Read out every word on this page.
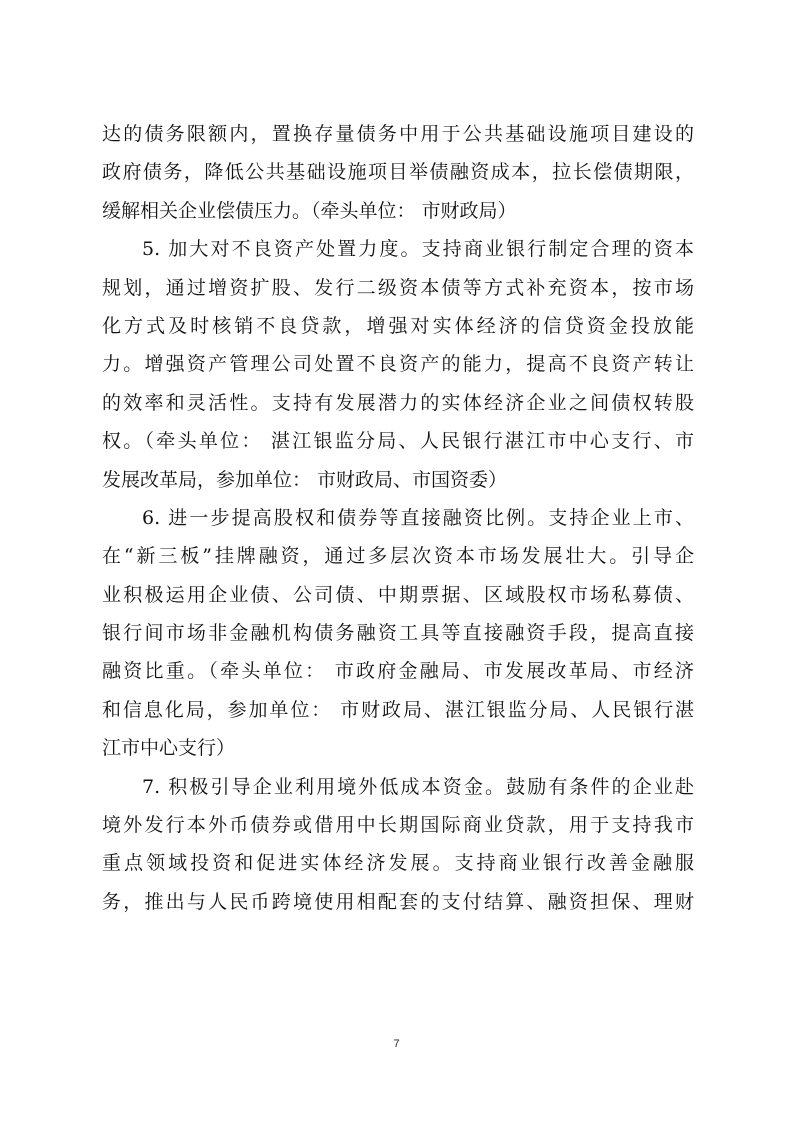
达的债务限额内，置换存量债务中用于公共基础设施项目建设的
政府债务，降低公共基础设施项目举债融资成本，拉长偿债期限，
缓解相关企业偿债压力。（牵头单位： 市财政局）
5. 加大对不良资产处置力度。支持商业银行制定合理的资本
规划，通过增资扩股、发行二级资本债等方式补充资本，按市场
化方式及时核销不良贷款，增强对实体经济的信贷资金投放能
力。增强资产管理公司处置不良资产的能力，提高不良资产转让
的效率和灵活性。支持有发展潜力的实体经济企业之间债权转股
权。（牵头单位： 湛江银监分局、人民银行湛江市中心支行、市
发展改革局，参加单位： 市财政局、市国资委）
6. 进一步提高股权和债券等直接融资比例。支持企业上市、
在“新三板”挂牌融资，通过多层次资本市场发展壮大。引导企
业积极运用企业债、公司债、中期票据、区域股权市场私募债、
银行间市场非金融机构债务融资工具等直接融资手段，提高直接
融资比重。（牵头单位： 市政府金融局、市发展改革局、市经济
和信息化局，参加单位： 市财政局、湛江银监分局、人民银行湛
江市中心支行）
7. 积极引导企业利用境外低成本资金。鼓励有条件的企业赴
境外发行本外币债券或借用中长期国际商业贷款，用于支持我市
重点领域投资和促进实体经济发展。支持商业银行改善金融服
务，推出与人民币跨境使用相配套的支付结算、融资担保、理财
7
